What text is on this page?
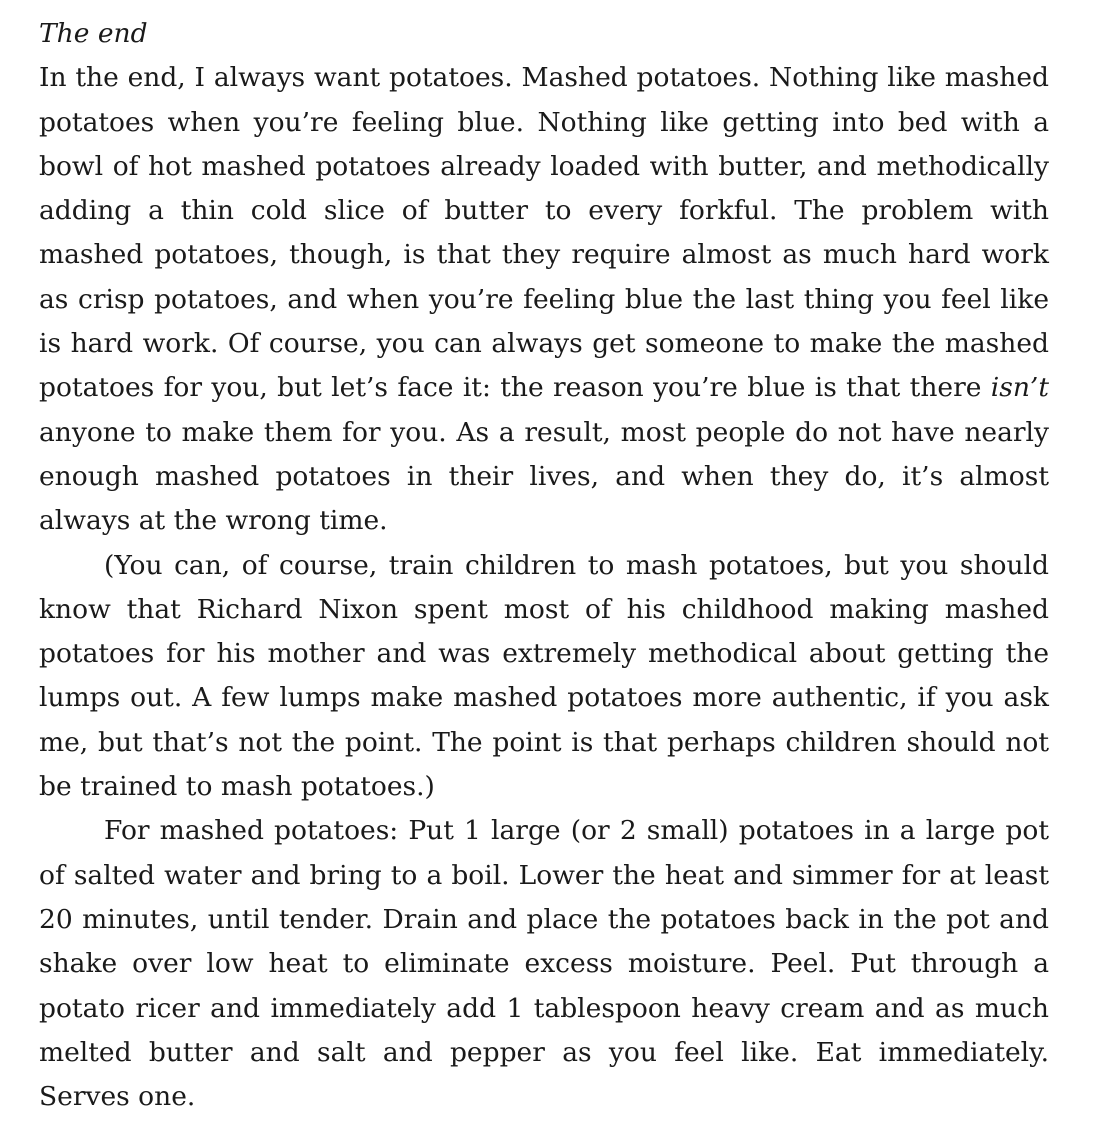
The end

In the end, I always want potatoes. Mashed potatoes. Nothing like mashed potatoes when you’re feeling blue. Nothing like getting into bed with a bowl of hot mashed potatoes already loaded with butter, and methodically adding a thin cold slice of butter to every forkful. The problem with mashed potatoes, though, is that they require almost as much hard work as crisp potatoes, and when you’re feeling blue the last thing you feel like is hard work. Of course, you can always get someone to make the mashed potatoes for you, but let’s face it: the reason you’re blue is that there isn’t anyone to make them for you. As a result, most people do not have nearly enough mashed potatoes in their lives, and when they do, it’s almost always at the wrong time.

(You can, of course, train children to mash potatoes, but you should know that Richard Nixon spent most of his childhood making mashed potatoes for his mother and was extremely methodical about getting the lumps out. A few lumps make mashed potatoes more authentic, if you ask me, but that’s not the point. The point is that perhaps children should not be trained to mash potatoes.)

For mashed potatoes: Put 1 large (or 2 small) potatoes in a large pot of salted water and bring to a boil. Lower the heat and simmer for at least 20 minutes, until tender. Drain and place the potatoes back in the pot and shake over low heat to eliminate excess moisture. Peel. Put through a potato ricer and immediately add 1 tablespoon heavy cream and as much melted butter and salt and pepper as you feel like. Eat immediately. Serves one.
